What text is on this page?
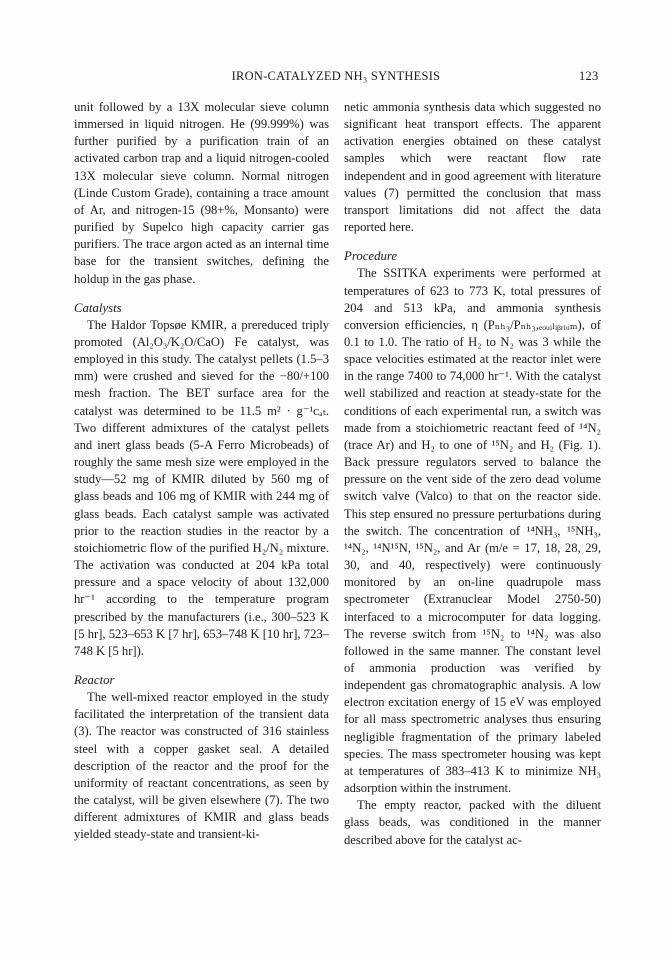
IRON-CATALYZED NH₃ SYNTHESIS	123

unit followed by a 13X molecular sieve column immersed in liquid nitrogen. He (99.999%) was further purified by a purification train of an activated carbon trap and a liquid nitrogen-cooled 13X molecular sieve column. Normal nitrogen (Linde Custom Grade), containing a trace amount of Ar, and nitrogen-15 (98+%, Monsanto) were purified by Supelco high capacity carrier gas purifiers. The trace argon acted as an internal time base for the transient switches, defining the holdup in the gas phase.

Catalysts

The Haldor Topsøe KMIR, a prereduced triply promoted (Al₂O₃/K₂O/CaO) Fe catalyst, was employed in this study. The catalyst pellets (1.5–3 mm) were crushed and sieved for the −80/+100 mesh fraction. The BET surface area for the catalyst was determined to be 11.5 m² · g⁻¹ᴄₐₜ. Two different admixtures of the catalyst pellets and inert glass beads (5-A Ferro Microbeads) of roughly the same mesh size were employed in the study—52 mg of KMIR diluted by 560 mg of glass beads and 106 mg of KMIR with 244 mg of glass beads. Each catalyst sample was activated prior to the reaction studies in the reactor by a stoichiometric flow of the purified H₂/N₂ mixture. The activation was conducted at 204 kPa total pressure and a space velocity of about 132,000 hr⁻¹ according to the temperature program prescribed by the manufacturers (i.e., 300–523 K [5 hr], 523–653 K [7 hr], 653–748 K [10 hr], 723–748 K [5 hr]).

Reactor

The well-mixed reactor employed in the study facilitated the interpretation of the transient data (3). The reactor was constructed of 316 stainless steel with a copper gasket seal. A detailed description of the reactor and the proof for the uniformity of reactant concentrations, as seen by the catalyst, will be given elsewhere (7). The two different admixtures of KMIR and glass beads yielded steady-state and transient-ki-

netic ammonia synthesis data which suggested no significant heat transport effects. The apparent activation energies obtained on these catalyst samples which were reactant flow rate independent and in good agreement with literature values (7) permitted the conclusion that mass transport limitations did not affect the data reported here.

Procedure

The SSITKA experiments were performed at temperatures of 623 to 773 K, total pressures of 204 and 513 kPa, and ammonia synthesis conversion efficiencies, η (Pₙₕ₃/Pₙₕ₃,ₑₒᵤᵢₗᵢᵦᵣᵢᵤₘ), of 0.1 to 1.0. The ratio of H₂ to N₂ was 3 while the space velocities estimated at the reactor inlet were in the range 7400 to 74,000 hr⁻¹. With the catalyst well stabilized and reaction at steady-state for the conditions of each experimental run, a switch was made from a stoichiometric reactant feed of ¹⁴N₂ (trace Ar) and H₂ to one of ¹⁵N₂ and H₂ (Fig. 1). Back pressure regulators served to balance the pressure on the vent side of the zero dead volume switch valve (Valco) to that on the reactor side. This step ensured no pressure perturbations during the switch. The concentration of ¹⁴NH₃, ¹⁵NH₃, ¹⁴N₂, ¹⁴N¹⁵N, ¹⁵N₂, and Ar (m/e = 17, 18, 28, 29, 30, and 40, respectively) were continuously monitored by an on-line quadrupole mass spectrometer (Extranuclear Model 2750-50) interfaced to a microcomputer for data logging. The reverse switch from ¹⁵N₂ to ¹⁴N₂ was also followed in the same manner. The constant level of ammonia production was verified by independent gas chromatographic analysis. A low electron excitation energy of 15 eV was employed for all mass spectrometric analyses thus ensuring negligible fragmentation of the primary labeled species. The mass spectrometer housing was kept at temperatures of 383–413 K to minimize NH₃ adsorption within the instrument.

The empty reactor, packed with the diluent glass beads, was conditioned in the manner described above for the catalyst ac-
